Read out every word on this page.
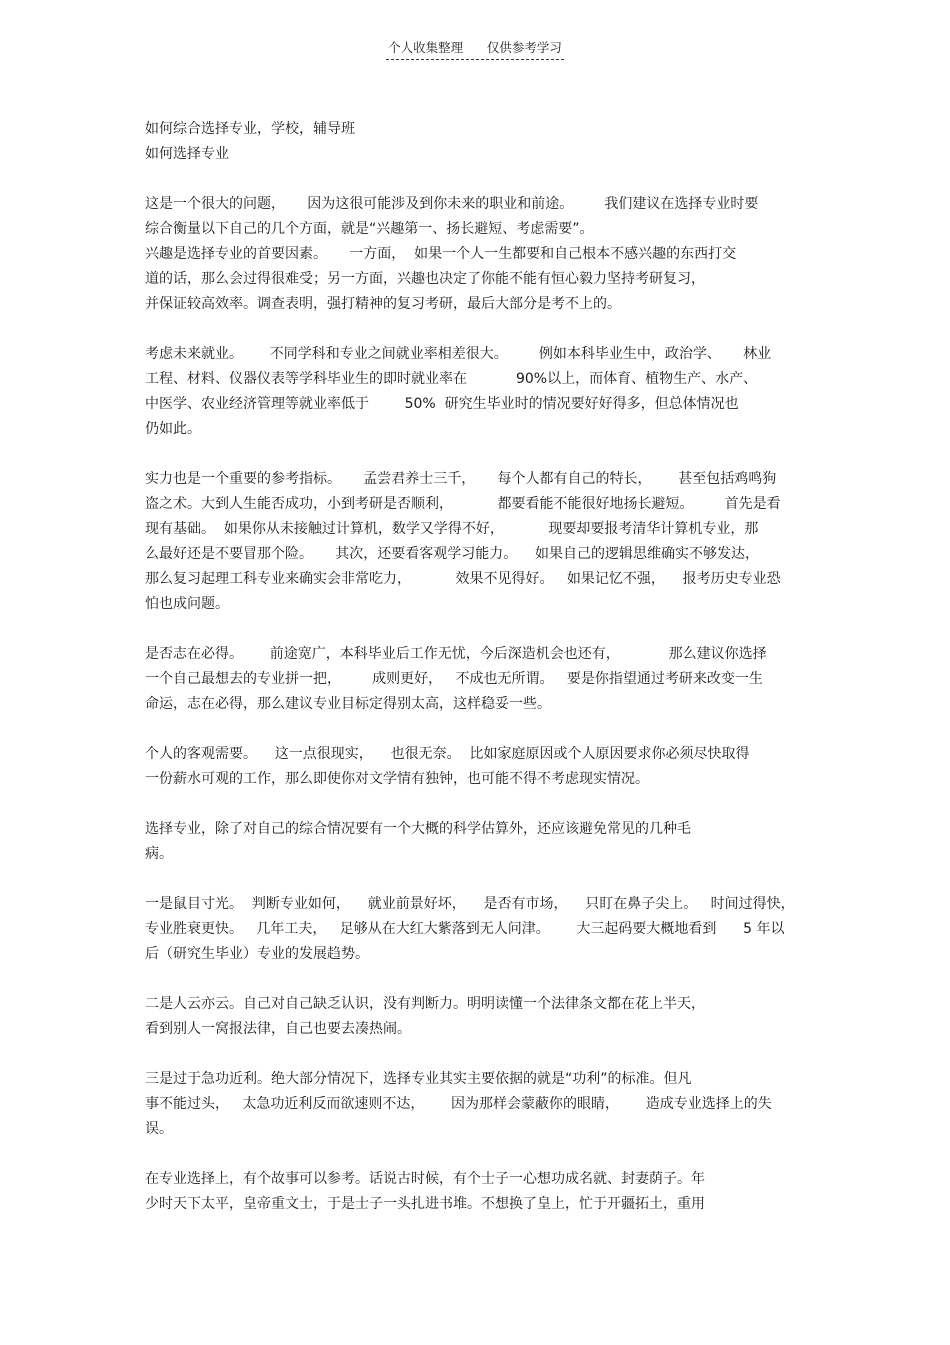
个人收集整理      仅供参考学习
如何综合选择专业，学校，辅导班
如何选择专业
这是一个很大的问题，     因为这很可能涉及到你未来的职业和前途。       我们建议在选择专业时要
综合衡量以下自己的几个方面，就是“兴趣第一、扬长避短、考虑需要”。
兴趣是选择专业的首要因素。     一方面，  如果一个人一生都要和自己根本不感兴趣的东西打交
道的话，那么会过得很难受；另一方面，兴趣也决定了你能不能有恒心毅力坚持考研复习，
并保证较高效率。调查表明，强打精神的复习考研，最后大部分是考不上的。
考虑未来就业。      不同学科和专业之间就业率相差很大。       例如本科毕业生中，政治学、     林业
工程、材料、仪器仪表等学科毕业生的即时就业率在           90%以上，而体育、植物生产、水产、
中医学、农业经济管理等就业率低于        50%  研究生毕业时的情况要好好得多，但总体情况也
仍如此。
实力也是一个重要的参考指标。     孟尝君养士三千，     每个人都有自己的特长，      甚至包括鸡鸣狗
盗之术。大到人生能否成功，小到考研是否顺利，          都要看能不能很好地扬长避短。       首先是看
现有基础。  如果你从未接触过计算机，数学又学得不好，          现要却要报考清华计算机专业，那
么最好还是不要冒那个险。     其次，还要看客观学习能力。    如果自己的逻辑思维确实不够发达，
那么复习起理工科专业来确实会非常吃力，          效果不见得好。   如果记忆不强，    报考历史专业恐
怕也成问题。
是否志在必得。      前途宽广，本科毕业后工作无忧，今后深造机会也还有，           那么建议你选择
一个自己最想去的专业拼一把，       成则更好，   不成也无所谓。   要是你指望通过考研来改变一生
命运，志在必得，那么建议专业目标定得别太高，这样稳妥一些。
个人的客观需要。    这一点很现实，    也很无奈。  比如家庭原因或个人原因要求你必须尽快取得
一份薪水可观的工作，那么即使你对文学情有独钟，也可能不得不考虑现实情况。
选择专业，除了对自己的综合情况要有一个大概的科学估算外，还应该避免常见的几种毛
病。
一是鼠目寸光。  判断专业如何，    就业前景好坏，    是否有市场，    只盯在鼻子尖上。   时间过得快，
专业胜衰更快。   几年工夫，   足够从在大红大紫落到无人问津。      大三起码要大概地看到      5 年以
后（研究生毕业）专业的发展趋势。
二是人云亦云。自己对自己缺乏认识，没有判断力。明明读懂一个法律条文都在花上半天，
看到别人一窝报法律，自己也要去凑热闹。
三是过于急功近利。绝大部分情况下，选择专业其实主要依据的就是“功利”的标准。但凡
事不能过头，   太急功近利反而欲速则不达，      因为那样会蒙蔽你的眼睛，      造成专业选择上的失
误。
在专业选择上，有个故事可以参考。话说古时候，有个士子一心想功成名就、封妻荫子。年
少时天下太平，皇帝重文士，于是士子一头扎进书堆。不想换了皇上，忙于开疆拓土，重用
